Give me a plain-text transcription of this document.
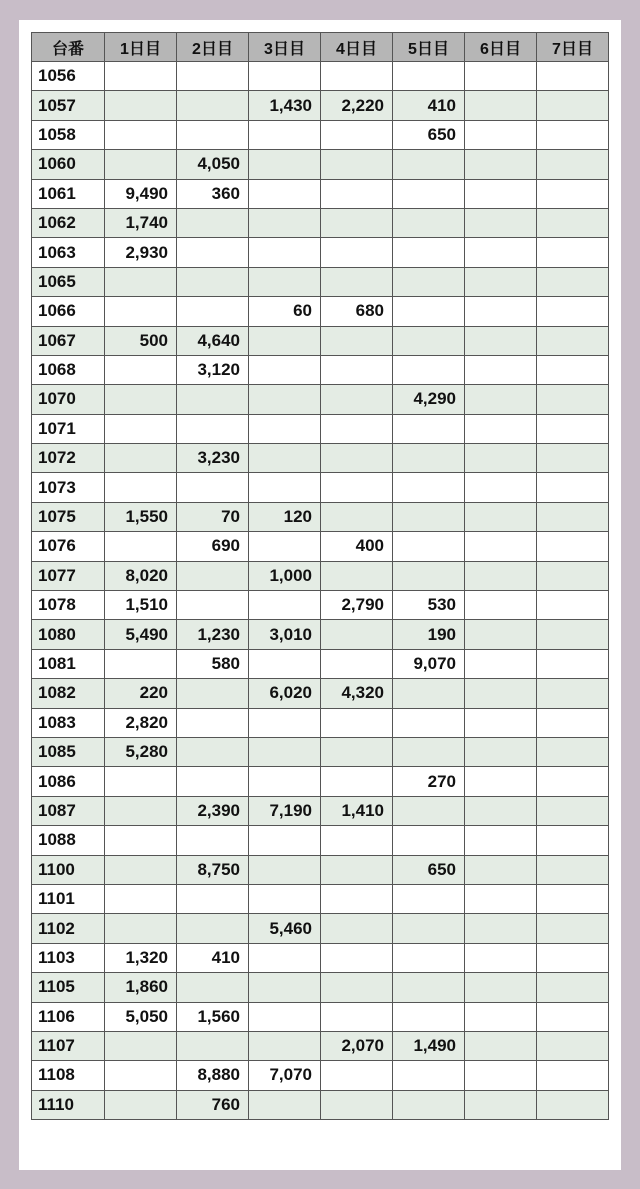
台番	1日目	2日目	3日目	4日目	5日目	6日目	7日目
1056							
1057			1,430	2,220	410		
1058					650		
1060		4,050					
1061	9,490	360					
1062	1,740						
1063	2,930						
1065							
1066			60	680			
1067	500	4,640					
1068		3,120					
1070					4,290		
1071							
1072		3,230					
1073							
1075	1,550	70	120				
1076		690		400			
1077	8,020		1,000				
1078	1,510			2,790	530		
1080	5,490	1,230	3,010		190		
1081		580			9,070		
1082	220		6,020	4,320			
1083	2,820						
1085	5,280						
1086					270		
1087		2,390	7,190	1,410			
1088							
1100		8,750			650		
1101							
1102			5,460				
1103	1,320	410					
1105	1,860						
1106	5,050	1,560					
1107				2,070	1,490		
1108		8,880	7,070				
1110		760					
